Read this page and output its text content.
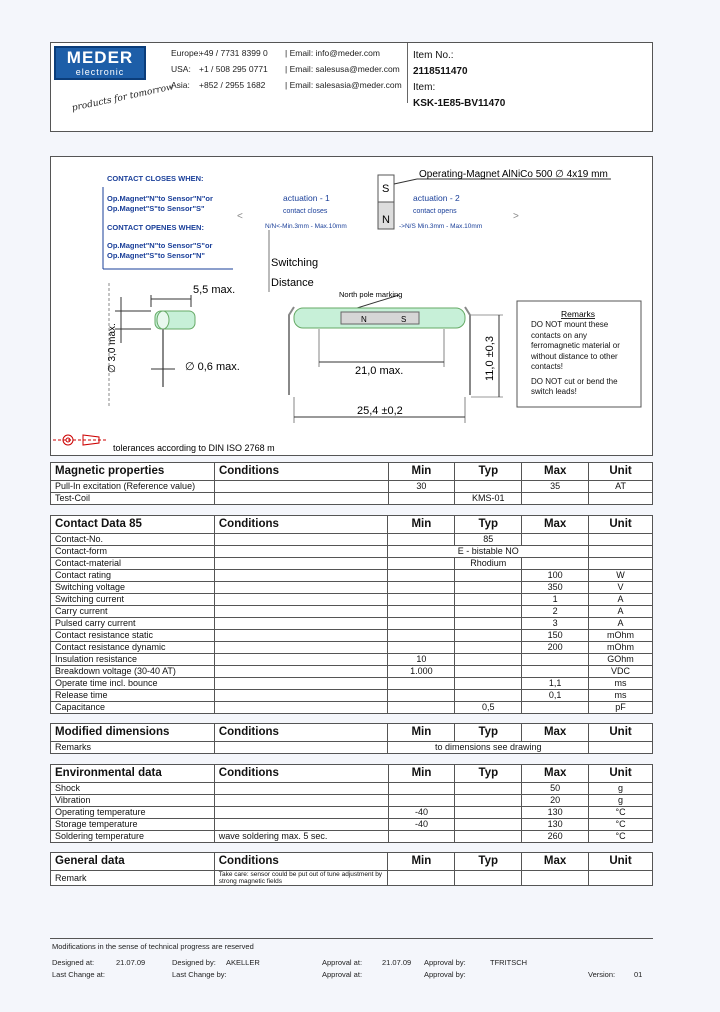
MEDER
electronic
products for tomorrow
Europe:
USA:
Asia:
+49 / 7731 8399 0
+1 / 508 295 0771
+852 / 2955 1682
| Email: info@meder.com
| Email: salesusa@meder.com
| Email: salesasia@meder.com
Item No.:
2118511470
Item:
KSK-1E85-BV11470
CONTACT CLOSES WHEN:
Op.Magnet"N"to Sensor"N"or
Op.Magnet"S"to Sensor"S"
CONTACT OPENES WHEN:
Op.Magnet"N"to Sensor"S"or
Op.Magnet"S"to Sensor"N"
S
N
Operating-Magnet AlNiCo 500 ∅ 4x19 mm
actuation - 1
contact closes
actuation - 2
contact opens
N/N<-Min.3mm - Max.10mm	->N/S Min.3mm - Max.10mm
<	>
Switching
Distance
5,5 max.
∅ 3,0 max.	∅ 0,6 max.
North pole marking
N	S
21,0 max.
25,4 ±0,2
11,0 ±0,3
Remarks
DO NOT mount these contacts on any ferromagnetic material or without distance to other contacts!
DO NOT cut or bend the switch leads!
tolerances according to DIN ISO 2768 m
Magnetic properties	Conditions	Min	Typ	Max	Unit
Pull-In excitation (Reference value)		30		35	AT
Test-Coil			KMS-01		
Contact Data 85	Conditions	Min	Typ	Max	Unit
Contact-No.			85		
Contact-form		E - bistable NO			
Contact-material			Rhodium		
Contact rating				100	W
Switching voltage				350	V
Switching current				1	A
Carry current				2	A
Pulsed carry current				3	A
Contact resistance static				150	mOhm
Contact resistance dynamic				200	mOhm
Insulation resistance		10			GOhm
Breakdown voltage (30-40 AT)		1.000			VDC
Operate time incl. bounce				1,1	ms
Release time				0,1	ms
Capacitance			0,5		pF
Modified dimensions	Conditions	Min	Typ	Max	Unit
Remarks		to dimensions see drawing			
Environmental data	Conditions	Min	Typ	Max	Unit
Shock				50	g
Vibration				20	g
Operating temperature		-40		130	°C
Storage temperature		-40		130	°C
Soldering temperature	wave soldering max. 5 sec.			260	°C
General data	Conditions	Min	Typ	Max	Unit
Remark	Take care: sensor could be put out of tune adjustment by strong magnetic fields				
Modifications in the sense of technical progress are reserved
Designed at:	21.07.09	Designed by: AKELLER	Approval at:	21.07.09 Approval by:	TFRITSCH
Last Change at:	Last Change by:	Approval at:	Approval by:	Version:	01
